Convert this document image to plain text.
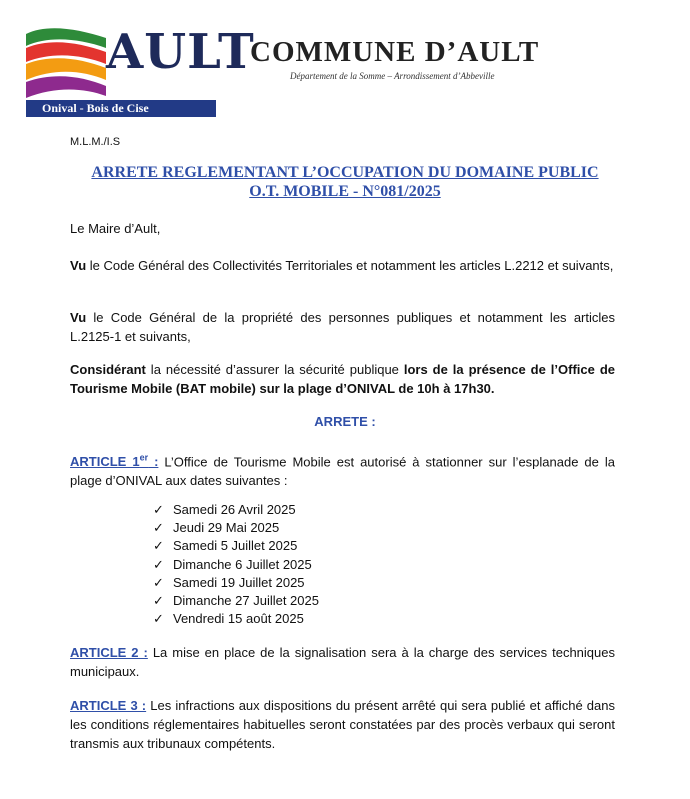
AULT
Onival - Bois de Cise
COMMUNE D’AULT
Département de la Somme – Arrondissement d’Abbeville
M.L.M./I.S
ARRETE REGLEMENTANT L’OCCUPATION DU DOMAINE PUBLIC
O.T. MOBILE - N°081/2025
Le Maire d’Ault,
Vu le Code Général des Collectivités Territoriales et notamment les articles L.2212 et suivants,
Vu le Code Général de la propriété des personnes publiques et notamment les articles L.2125-1 et suivants,
Considérant la nécessité d’assurer la sécurité publique lors de la présence de l’Office de Tourisme Mobile (BAT mobile) sur la plage d’ONIVAL de 10h à 17h30.
ARRETE :
ARTICLE 1er : L’Office de Tourisme Mobile est autorisé à stationner sur l’esplanade de la plage d’ONIVAL aux dates suivantes :
✓ Samedi 26 Avril 2025
✓ Jeudi 29 Mai 2025
✓ Samedi 5 Juillet 2025
✓ Dimanche 6 Juillet 2025
✓ Samedi 19 Juillet 2025
✓ Dimanche 27 Juillet 2025
✓ Vendredi 15 août 2025
ARTICLE 2 : La mise en place de la signalisation sera à la charge des services techniques municipaux.
ARTICLE 3 : Les infractions aux dispositions du présent arrêté qui sera publié et affiché dans les conditions réglementaires habituelles seront constatées par des procès verbaux qui seront transmis aux tribunaux compétents.
